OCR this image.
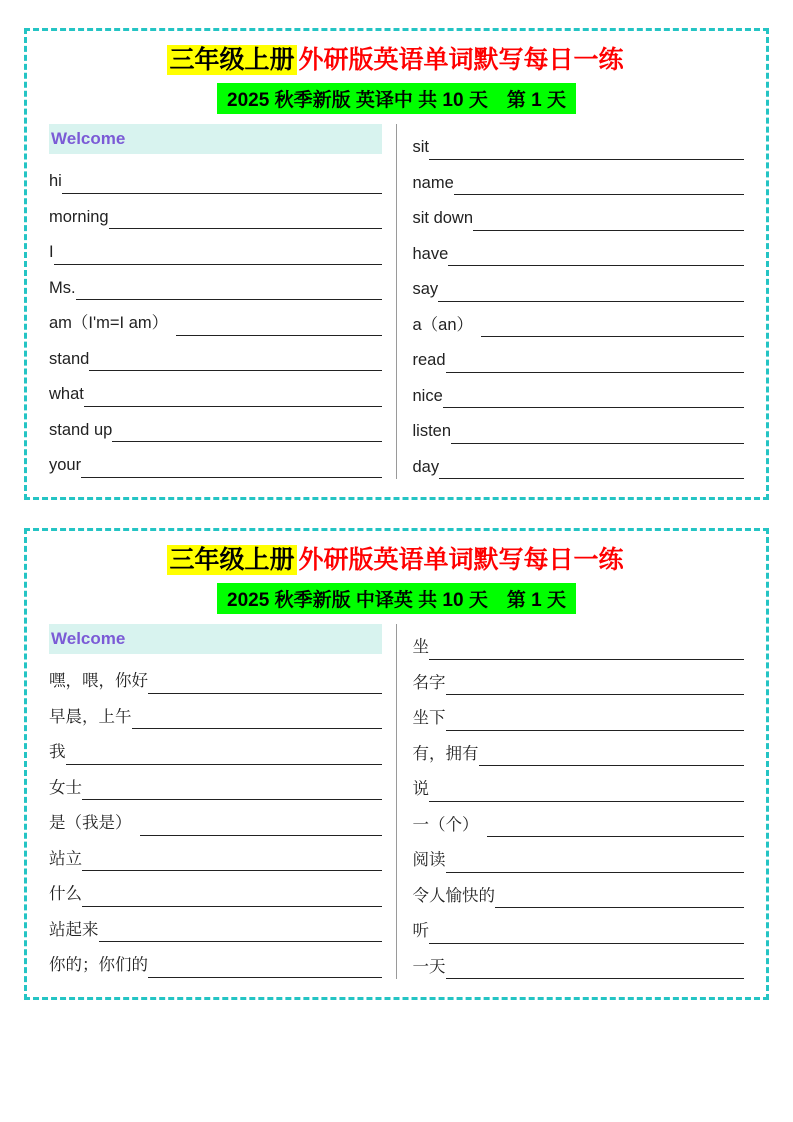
三年级上册 外研版英语单词默写每日一练
2025 秋季新版 英译中 共 10 天　第 1 天
Welcome
hi
morning
I
Ms.
am（I'm=I am）
stand
what
stand up
your
sit
name
sit down
have
say
a（an）
read
nice
listen
day
三年级上册 外研版英语单词默写每日一练
2025 秋季新版 中译英 共 10 天　第 1 天
Welcome
嘿，喂，你好
早晨，上午
我
女士
是（我是）
站立
什么
站起来
你的；你们的
坐
名字
坐下
有，拥有
说
一（个）
阅读
令人愉快的
听
一天
